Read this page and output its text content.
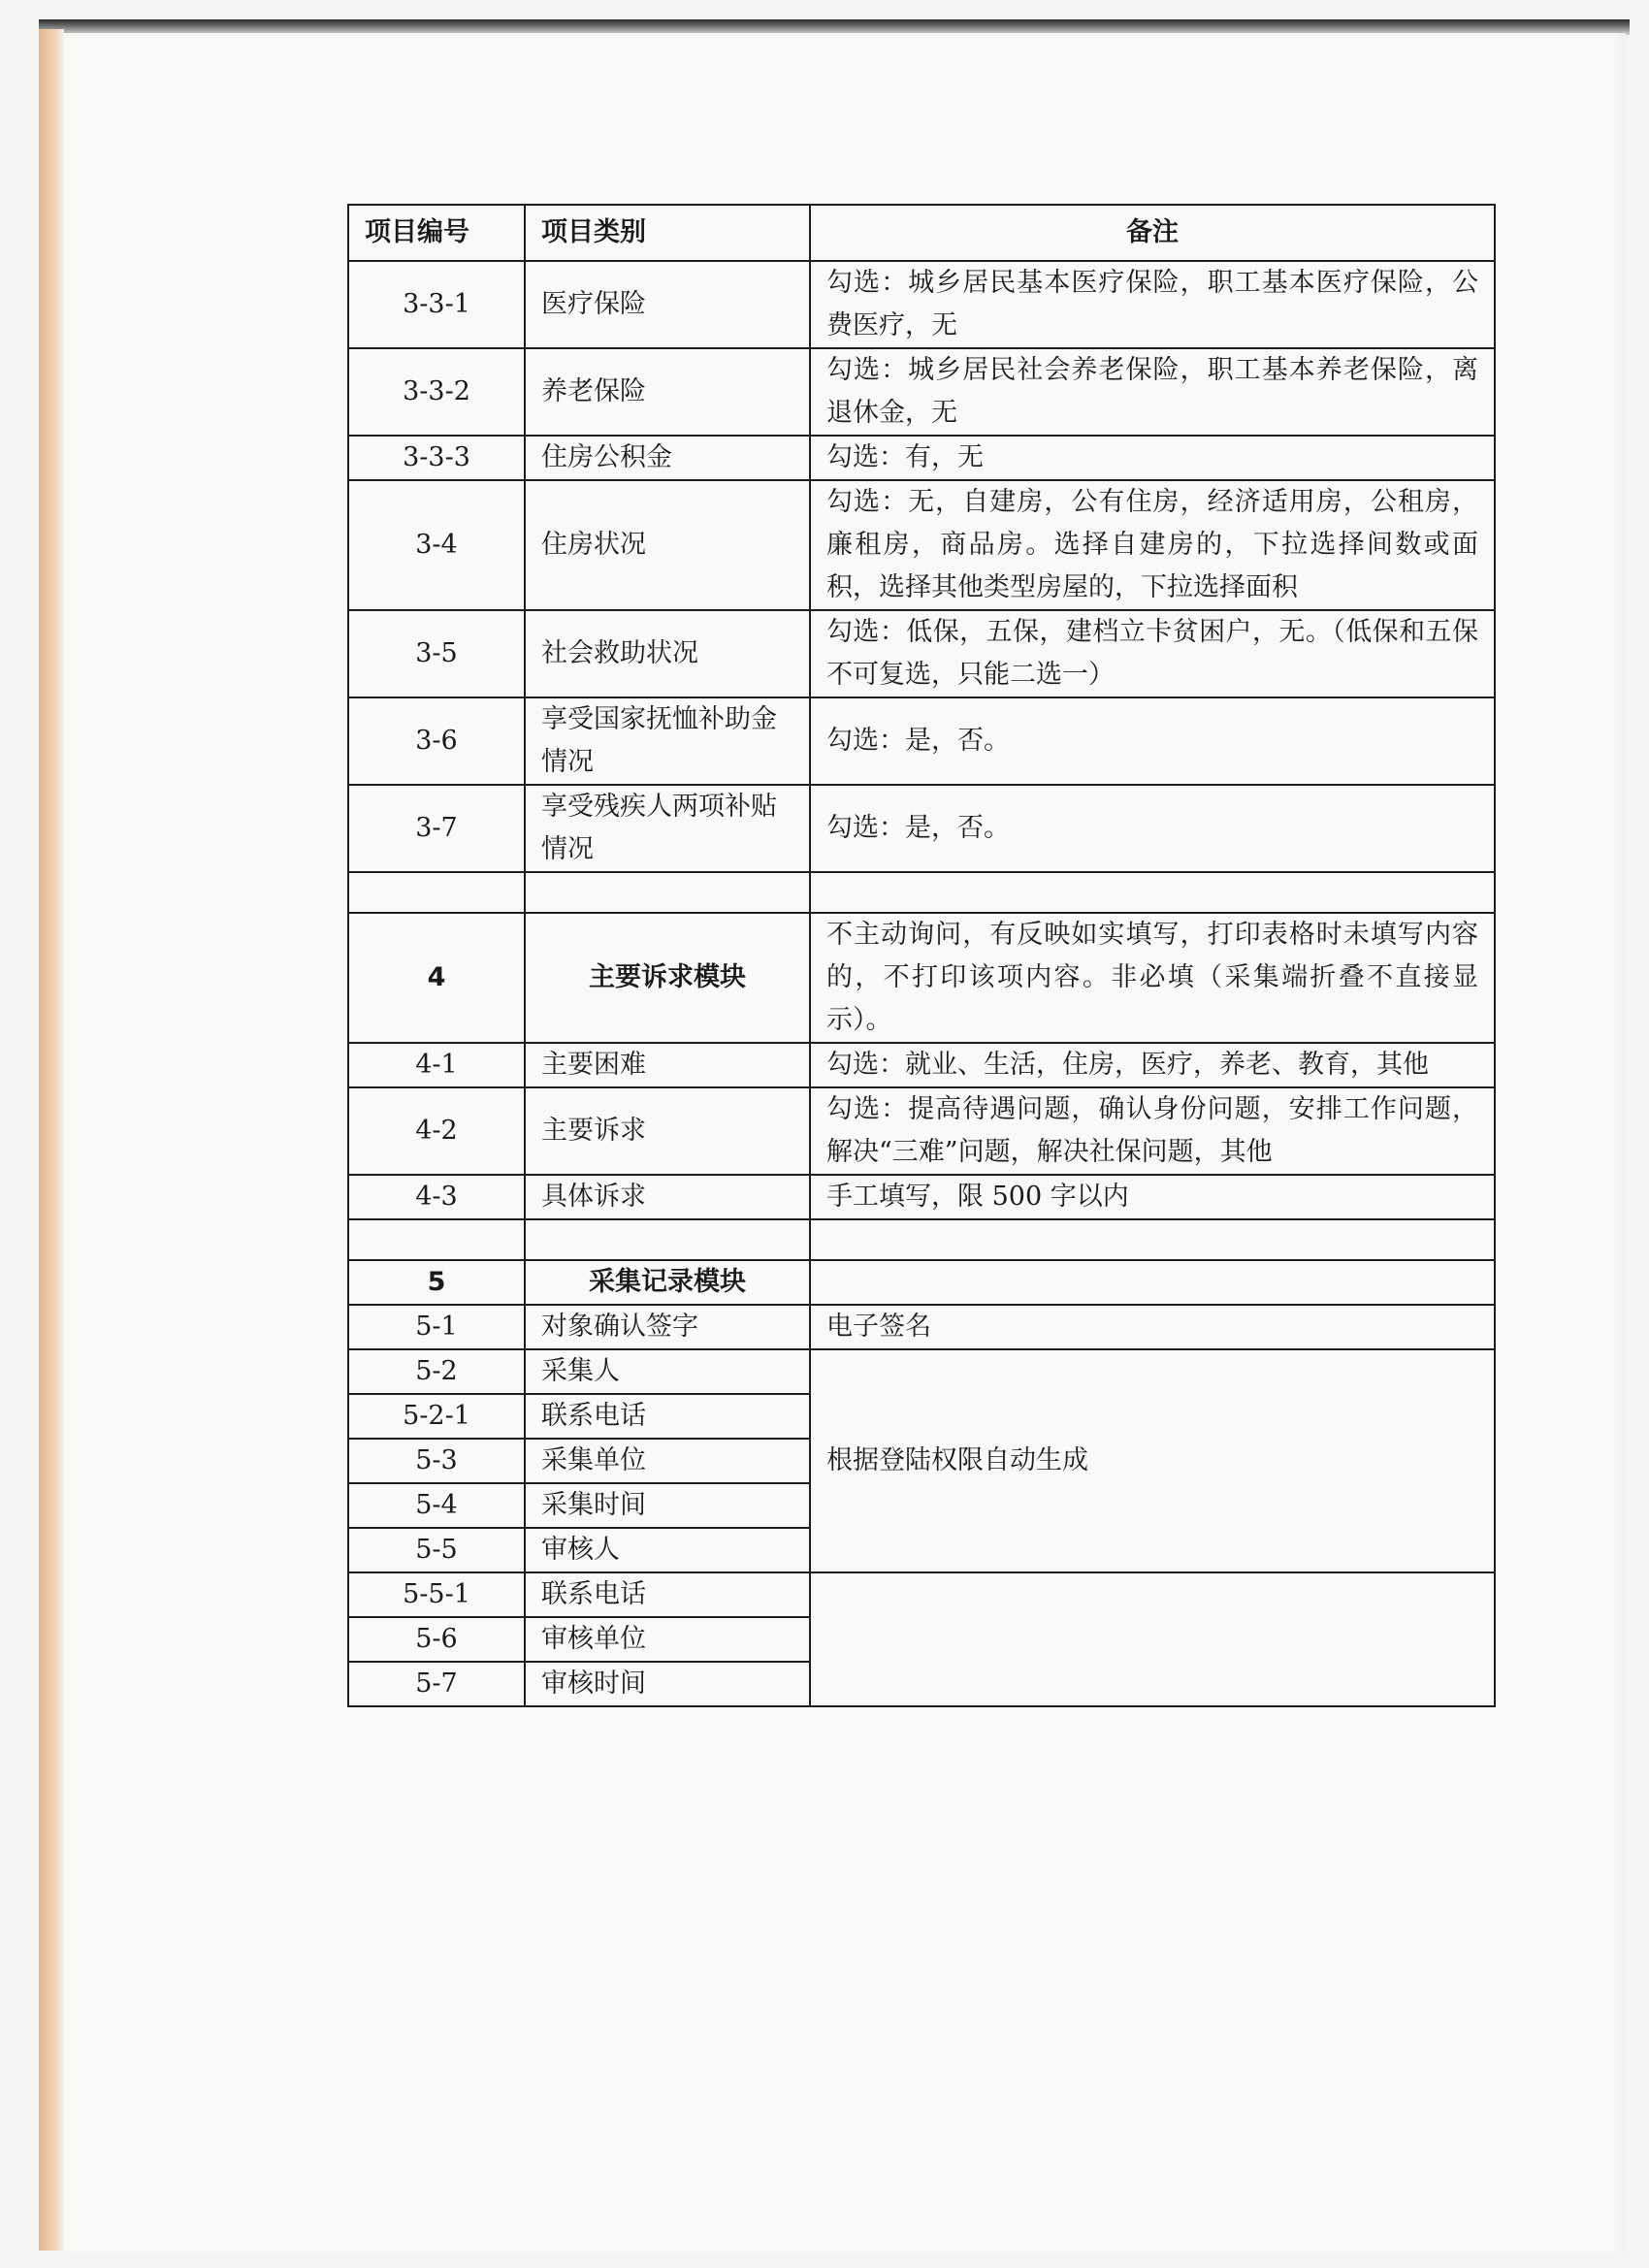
项目编号	项目类别	备注
3-3-1	医疗保险	勾选：城乡居民基本医疗保险，职工基本医疗保险，公费医疗，无
3-3-2	养老保险	勾选：城乡居民社会养老保险，职工基本养老保险，离退休金，无
3-3-3	住房公积金	勾选：有，无
3-4	住房状况	勾选：无，自建房，公有住房，经济适用房，公租房，廉租房，商品房。选择自建房的，下拉选择间数或面积，选择其他类型房屋的，下拉选择面积
3-5	社会救助状况	勾选：低保，五保，建档立卡贫困户，无。（低保和五保不可复选，只能二选一）
3-6	享受国家抚恤补助金情况	勾选：是，否。
3-7	享受残疾人两项补贴情况	勾选：是，否。

4	主要诉求模块	不主动询问，有反映如实填写，打印表格时未填写内容的，不打印该项内容。非必填（采集端折叠不直接显示）。
4-1	主要困难	勾选：就业、生活，住房，医疗，养老、教育，其他
4-2	主要诉求	勾选：提高待遇问题，确认身份问题，安排工作问题，解决“三难”问题，解决社保问题，其他
4-3	具体诉求	手工填写，限 500 字以内

5	采集记录模块	
5-1	对象确认签字	电子签名
5-2	采集人	根据登陆权限自动生成
5-2-1	联系电话	
5-3	采集单位	
5-4	采集时间	
5-5	审核人	
5-5-1	联系电话	
5-6	审核单位	
5-7	审核时间	
